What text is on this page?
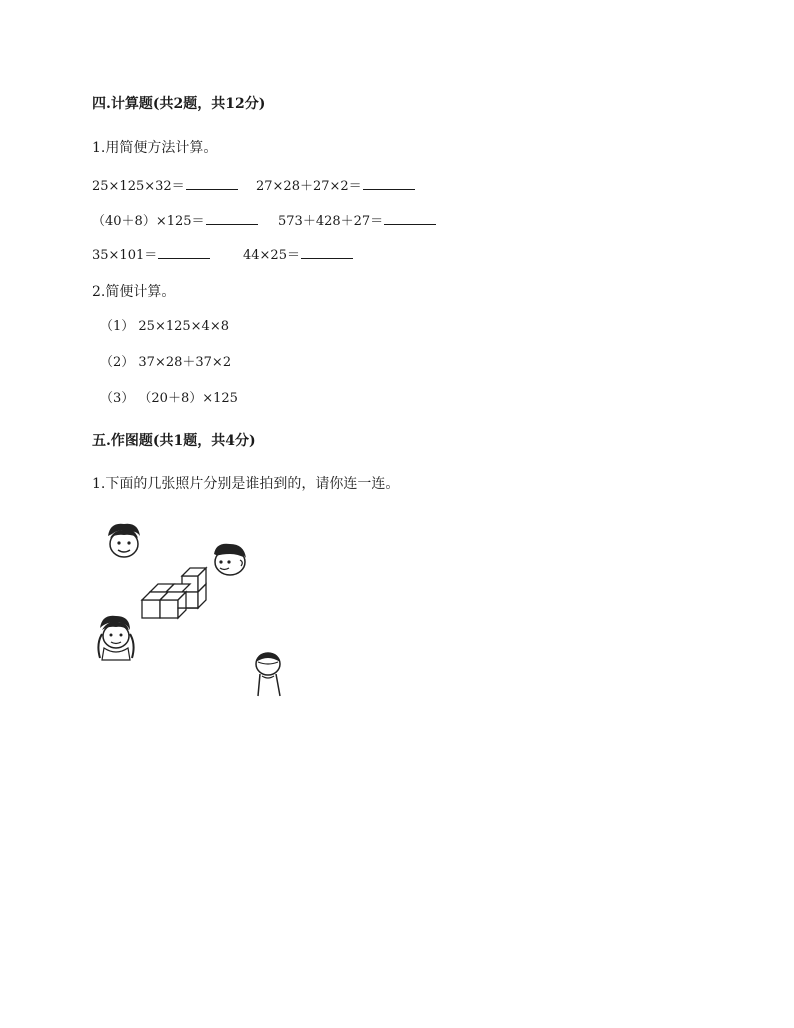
四.计算题(共2题，共12分)
1.用简便方法计算。
25×125×32＝	27×28＋27×2＝
（40＋8）×125＝	573＋428＋27＝
35×101＝	44×25＝
2.简便计算。
（1） 25×125×4×8
（2） 37×28＋37×2
（3） （20＋8）×125
五.作图题(共1题，共4分)
1.下面的几张照片分别是谁拍到的，请你连一连。
